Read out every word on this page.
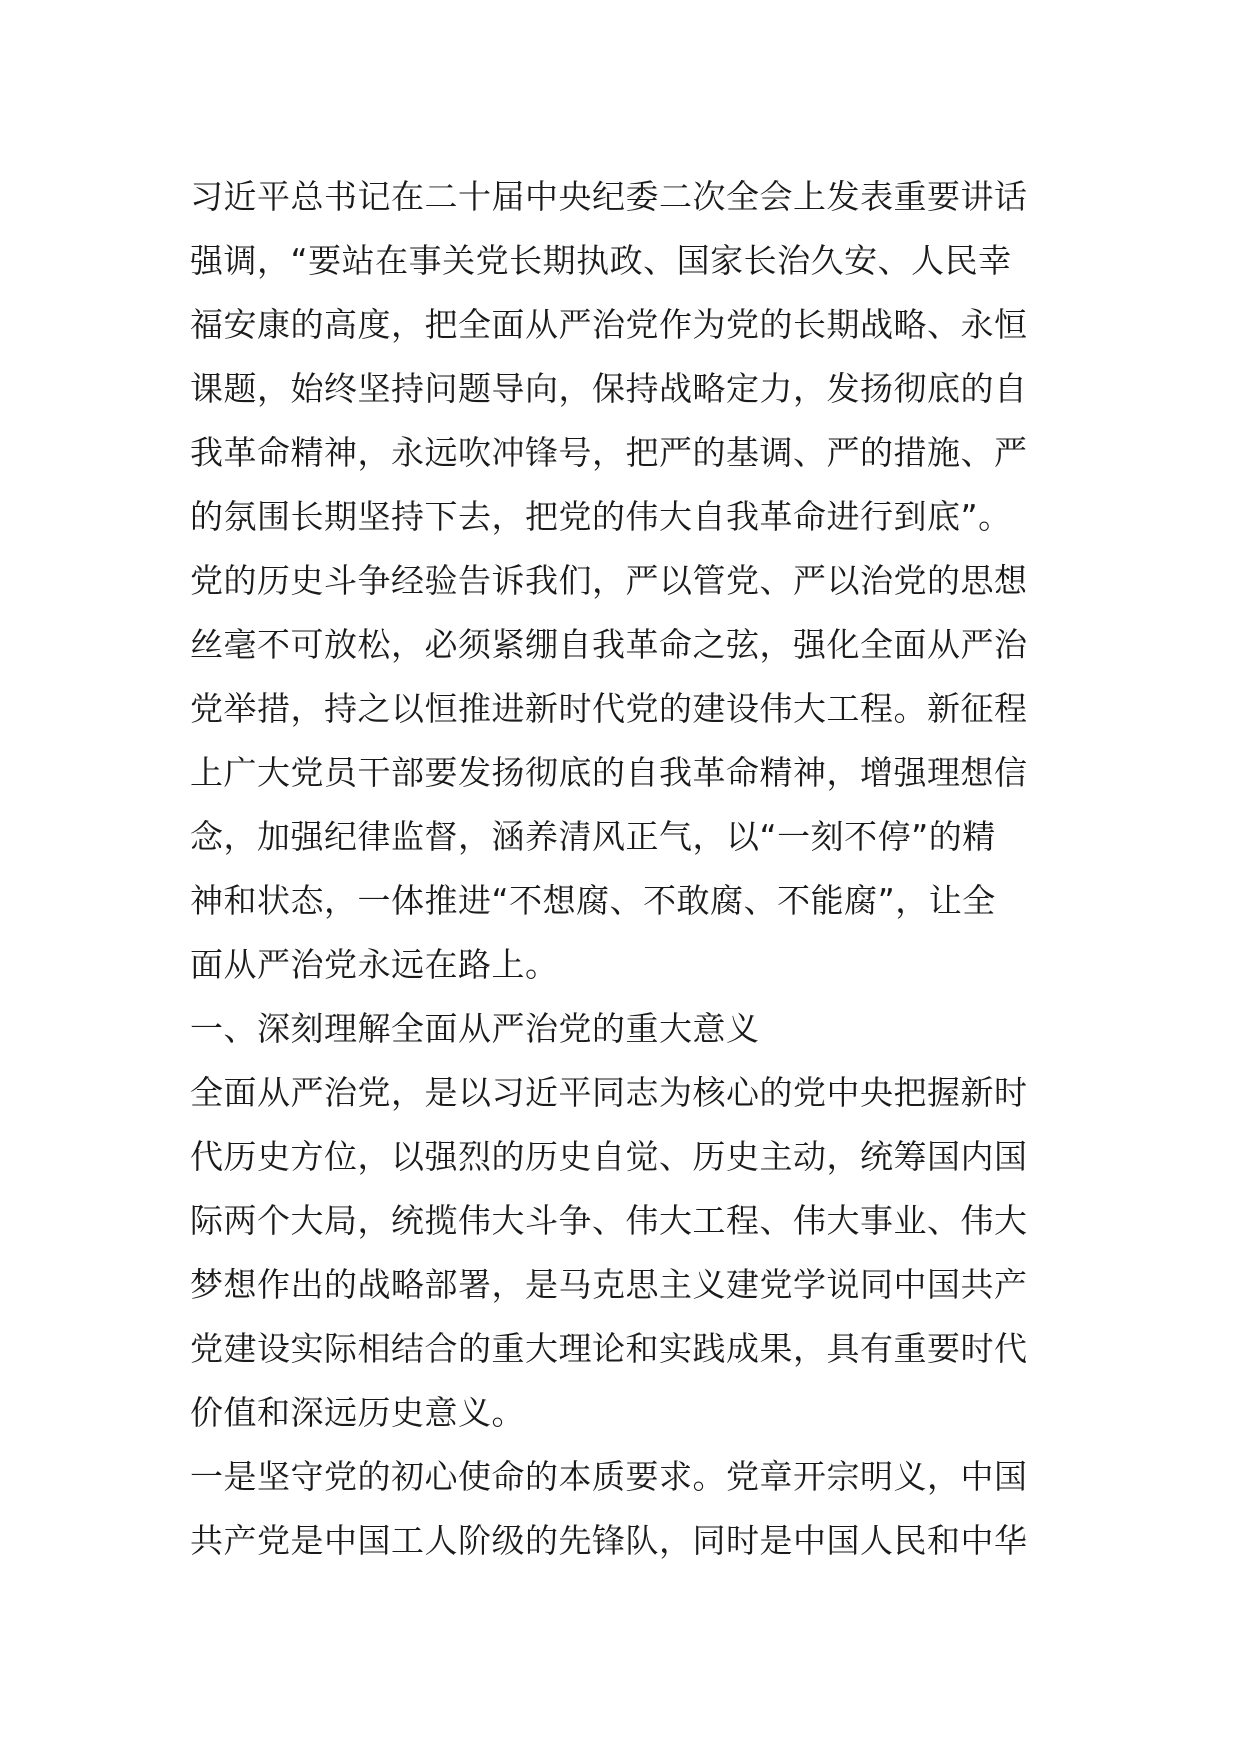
习近平总书记在二十届中央纪委二次全会上发表重要讲话
强调，“要站在事关党长期执政、国家长治久安、人民幸
福安康的高度，把全面从严治党作为党的长期战略、永恒
课题，始终坚持问题导向，保持战略定力，发扬彻底的自
我革命精神，永远吹冲锋号，把严的基调、严的措施、严
的氛围长期坚持下去，把党的伟大自我革命进行到底”。
党的历史斗争经验告诉我们，严以管党、严以治党的思想
丝毫不可放松，必须紧绷自我革命之弦，强化全面从严治
党举措，持之以恒推进新时代党的建设伟大工程。新征程
上广大党员干部要发扬彻底的自我革命精神，增强理想信
念，加强纪律监督，涵养清风正气，以“一刻不停”的精
神和状态，一体推进“不想腐、不敢腐、不能腐”，让全
面从严治党永远在路上。
一、深刻理解全面从严治党的重大意义
全面从严治党，是以习近平同志为核心的党中央把握新时
代历史方位，以强烈的历史自觉、历史主动，统筹国内国
际两个大局，统揽伟大斗争、伟大工程、伟大事业、伟大
梦想作出的战略部署，是马克思主义建党学说同中国共产
党建设实际相结合的重大理论和实践成果，具有重要时代
价值和深远历史意义。
一是坚守党的初心使命的本质要求。党章开宗明义，中国
共产党是中国工人阶级的先锋队，同时是中国人民和中华
